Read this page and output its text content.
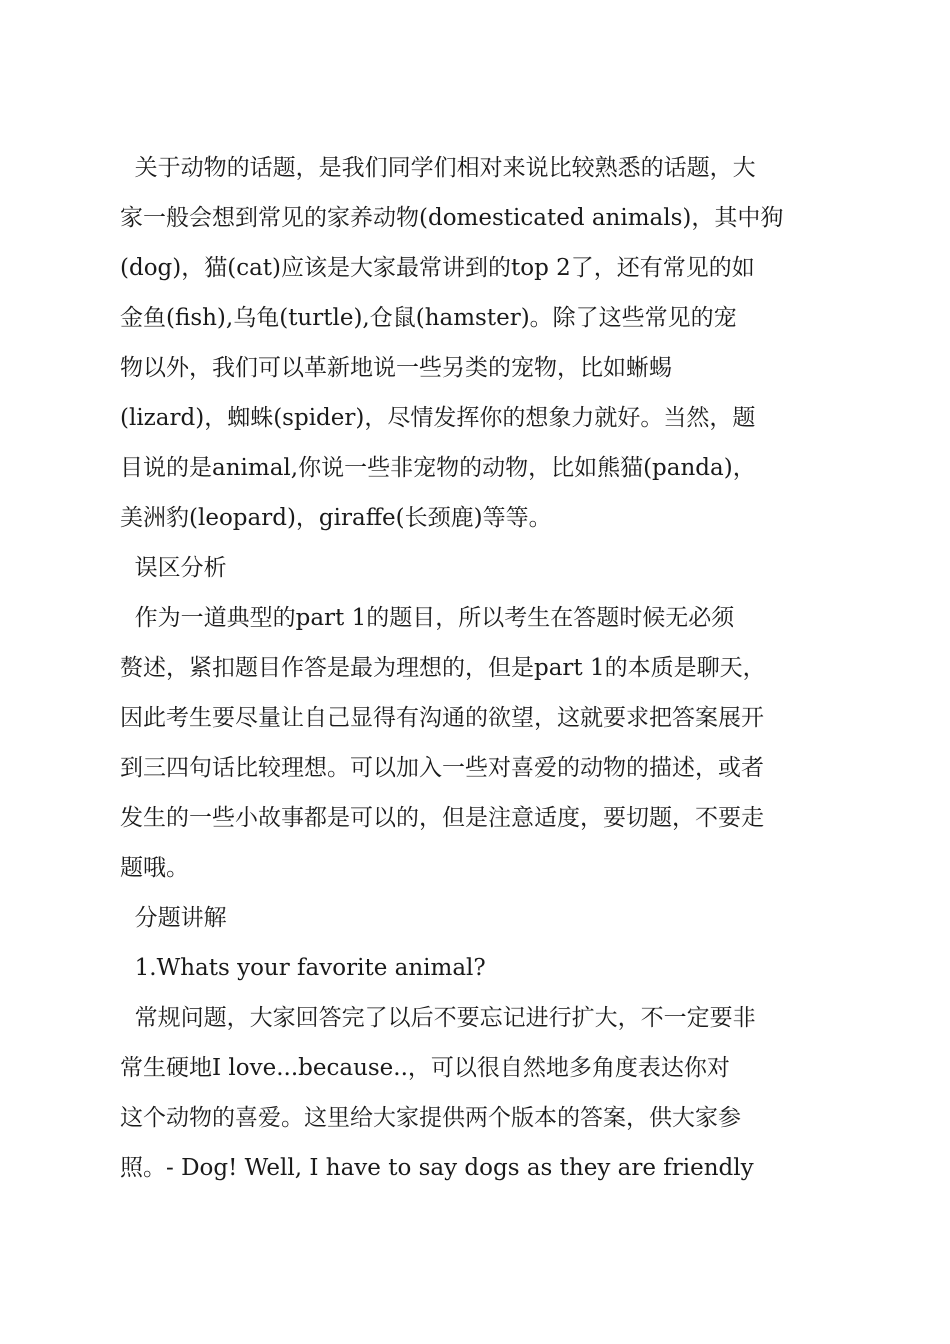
关于动物的话题，是我们同学们相对来说比较熟悉的话题，大
家一般会想到常见的家养动物(domesticated animals)，其中狗
(dog)，猫(cat)应该是大家最常讲到的top 2了，还有常见的如
金鱼(fish),乌龟(turtle),仓鼠(hamster)。除了这些常见的宠
物以外，我们可以革新地说一些另类的宠物，比如蜥蜴
(lizard)，蜘蛛(spider)，尽情发挥你的想象力就好。当然，题
目说的是animal,你说一些非宠物的动物，比如熊猫(panda)，
美洲豹(leopard)，giraffe(长颈鹿)等等。
误区分析
作为一道典型的part 1的题目，所以考生在答题时候无必须
赘述，紧扣题目作答是最为理想的，但是part 1的本质是聊天，
因此考生要尽量让自己显得有沟通的欲望，这就要求把答案展开
到三四句话比较理想。可以加入一些对喜爱的动物的描述，或者
发生的一些小故事都是可以的，但是注意适度，要切题，不要走
题哦。
分题讲解
1.Whats your favorite animal?
常规问题，大家回答完了以后不要忘记进行扩大，不一定要非
常生硬地I love...because..，可以很自然地多角度表达你对
这个动物的喜爱。这里给大家提供两个版本的答案，供大家参
照。- Dog! Well, I have to say dogs as they are friendly
